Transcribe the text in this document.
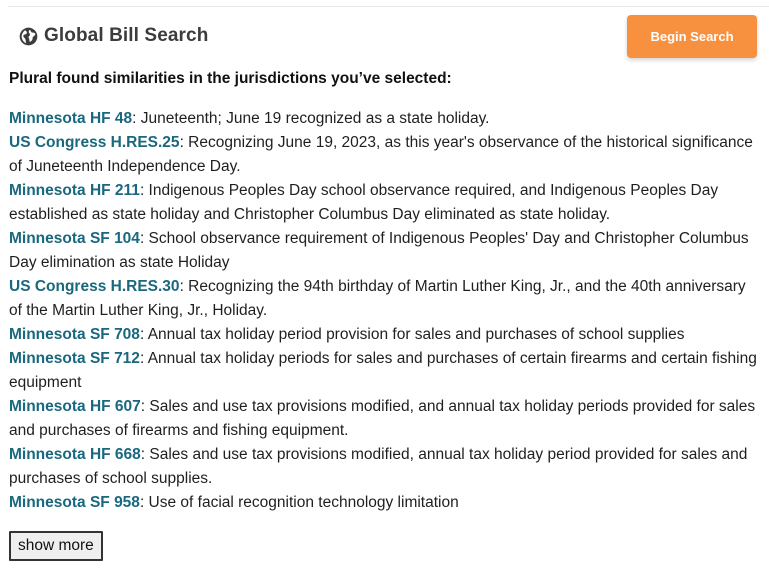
Global Bill Search	Begin Search
Plural found similarities in the jurisdictions you’ve selected:
Minnesota HF 48: Juneteenth; June 19 recognized as a state holiday.
US Congress H.RES.25: Recognizing June 19, 2023, as this year's observance of the historical significance of Juneteenth Independence Day.
Minnesota HF 211: Indigenous Peoples Day school observance required, and Indigenous Peoples Day established as state holiday and Christopher Columbus Day eliminated as state holiday.
Minnesota SF 104: School observance requirement of Indigenous Peoples' Day and Christopher Columbus Day elimination as state Holiday
US Congress H.RES.30: Recognizing the 94th birthday of Martin Luther King, Jr., and the 40th anniversary of the Martin Luther King, Jr., Holiday.
Minnesota SF 708: Annual tax holiday period provision for sales and purchases of school supplies
Minnesota SF 712: Annual tax holiday periods for sales and purchases of certain firearms and certain fishing equipment
Minnesota HF 607: Sales and use tax provisions modified, and annual tax holiday periods provided for sales and purchases of firearms and fishing equipment.
Minnesota HF 668: Sales and use tax provisions modified, annual tax holiday period provided for sales and purchases of school supplies.
Minnesota SF 958: Use of facial recognition technology limitation
show more
